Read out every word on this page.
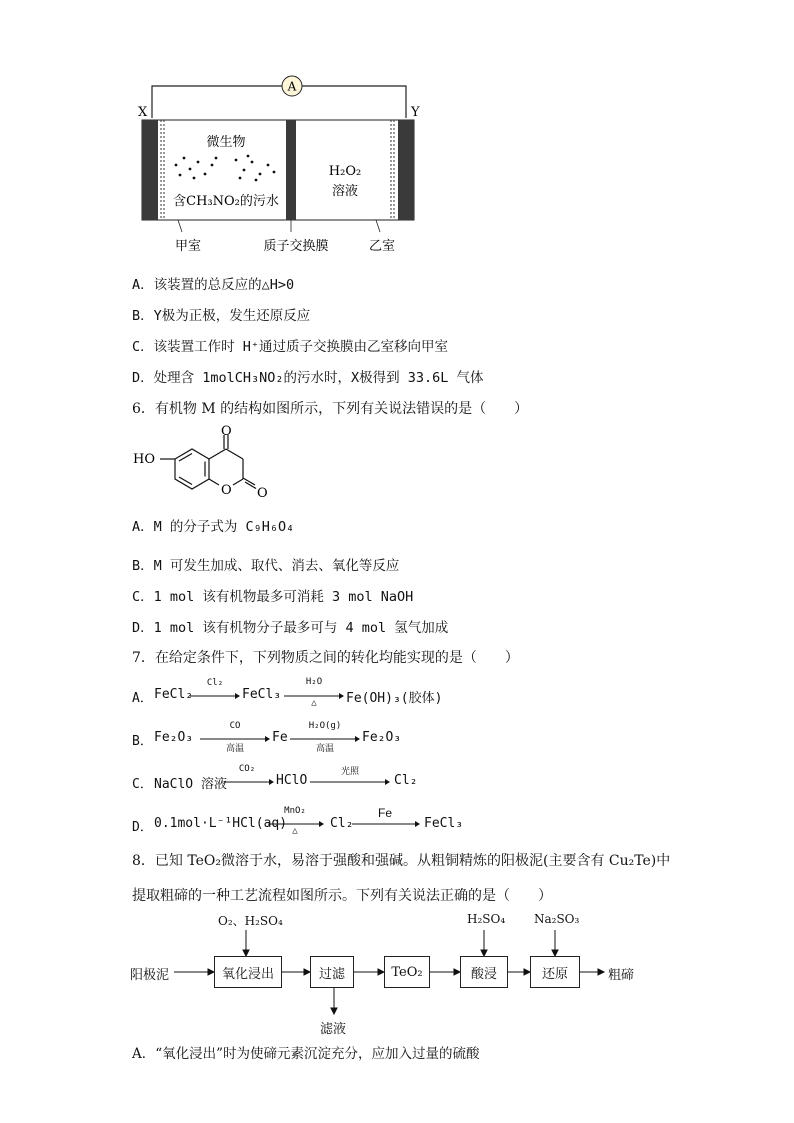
A
X	Y
微生物
含CH₃NO₂的污水
H₂O₂
溶液
甲室	质子交换膜	乙室
A．该装置的总反应的△H>0
B．Y极为正极，发生还原反应
C．该装置工作时 H⁺通过质子交换膜由乙室移向甲室
D．处理含 1molCH₃NO₂的污水时，X极得到 33.6L 气体
6．有机物 M 的结构如图所示，下列有关说法错误的是（　　）
HO
O
O O
A．M 的分子式为 C₉H₆O₄
B．M 可发生加成、取代、消去、氧化等反应
C．1 mol 该有机物最多可消耗 3 mol NaOH
D．1 mol 该有机物分子最多可与 4 mol 氢气加成
7．在给定条件下，下列物质之间的转化均能实现的是（　　）
A． FeCl₂
Cl₂
FeCl₃
H₂O
△	Fe(OH)₃(胶体)
B． Fe₂O₃
CO
高温
Fe
H₂O(g)
高温
Fe₂O₃
C． NaClO 溶液
CO₂
HClO
光照
Cl₂
D． 0.1mol·L⁻¹HCl(aq)
MnO₂
△	Cl₂
Fe
FeCl₃
8．已知 TeO₂微溶于水，易溶于强酸和强碱。从粗铜精炼的阳极泥(主要含有 Cu₂Te)中
提取粗碲的一种工艺流程如图所示。下列有关说法正确的是（　　）
阳极泥
O₂、H₂SO₄
氧化浸出	过滤
滤液
TeO₂
H₂SO₄
酸浸
Na₂SO₃
还原	粗碲
A．“氧化浸出”时为使碲元素沉淀充分，应加入过量的硫酸
